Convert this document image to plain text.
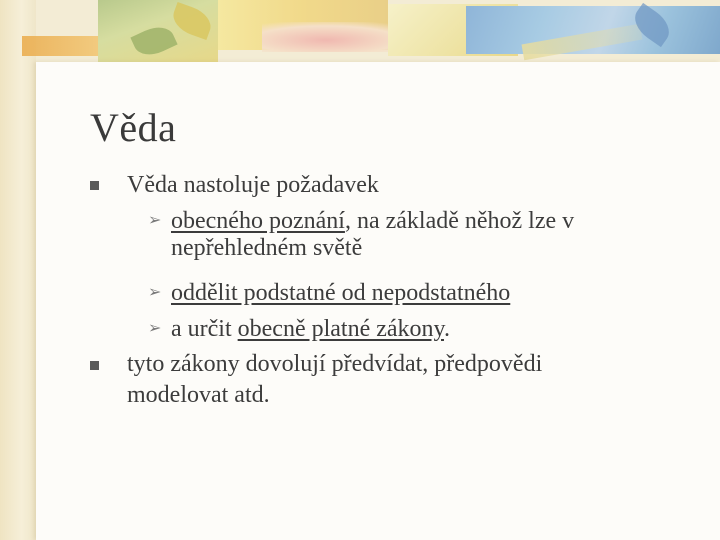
Věda
Věda nastoluje požadavek
➢ obecného poznání, na základě něhož lze v
nepřehledném světě
➢ oddělit podstatné od nepodstatného
➢ a určit obecně platné zákony.
tyto zákony dovolují předvídat, předpovědi
modelovat atd.
